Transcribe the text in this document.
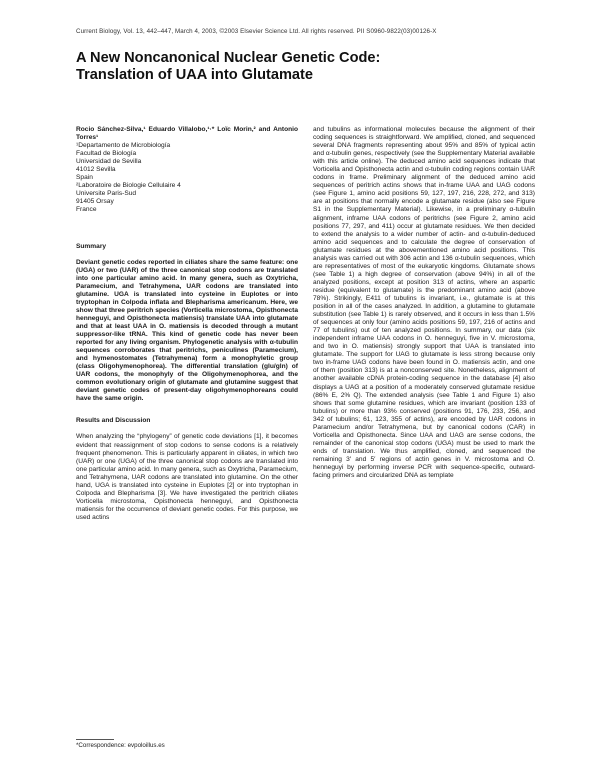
Current Biology, Vol. 13, 442–447, March 4, 2003, ©2003 Elsevier Science Ltd. All rights reserved. PII S0960-9822(03)00126-X
A New Noncanonical Nuclear Genetic Code:
Translation of UAA into Glutamate
Rocio Sánchez-Silva,¹ Eduardo Villalobo,¹·* Loïc Morin,² and Antonio Torres¹
¹Departamento de Microbiología
Facultad de Biología
Universidad de Sevilla
41012 Sevilla
Spain
²Laboratoire de Biologie Cellulaire 4
Universite Paris-Sud
91405 Orsay
France

Summary

Deviant genetic codes reported in ciliates share the same feature: one (UGA) or two (UAR) of the three canonical stop codons are translated into one particular amino acid. In many genera, such as Oxytricha, Paramecium, and Tetrahymena, UAR codons are translated into glutamine. UGA is translated into cysteine in Euplotes or into tryptophan in Colpoda inflata and Blepharisma americanum. Here, we show that three peritrich species (Vorticella microstoma, Opisthonecta henneguyi, and Opisthonecta matiensis) translate UAA into glutamate and that at least UAA in O. matiensis is decoded through a mutant suppressor-like tRNA. This kind of genetic code has never been reported for any living organism. Phylogenetic analysis with α-tubulin sequences corroborates that peritrichs, peniculines (Paramecium), and hymenostomates (Tetrahymena) form a monophyletic group (class Oligohymenophorea). The differential translation (glu/gln) of UAR codons, the monophyly of the Oligohymenophorea, and the common evolutionary origin of glutamate and glutamine suggest that deviant genetic codes of present-day oligohymenophoreans could have the same origin.

Results and Discussion

When analyzing the “phylogeny” of genetic code deviations [1], it becomes evident that reassignment of stop codons to sense codons is a relatively frequent phenomenon. This is particularly apparent in ciliates, in which two (UAR) or one (UGA) of the three canonical stop codons are translated into one particular amino acid. In many genera, such as Oxytricha, Paramecium, and Tetrahymena, UAR codons are translated into glutamine. On the other hand, UGA is translated into cysteine in Euplotes [2] or into tryptophan in Colpoda and Blepharisma [3]. We have investigated the peritrich ciliates Vorticella microstoma, Opisthonecta henneguyi, and Opisthonecta matiensis for the occurrence of deviant genetic codes. For this purpose, we used actins

and tubulins as informational molecules because the alignment of their coding sequences is straightforward. We amplified, cloned, and sequenced several DNA fragments representing about 95% and 85% of typical actin and α-tubulin genes, respectively (see the Supplementary Material available with this article online). The deduced amino acid sequences indicate that Vorticella and Opisthonecta actin and α-tubulin coding regions contain UAR codons in frame. Preliminary alignment of the deduced amino acid sequences of peritrich actins shows that in-frame UAA and UAG codons (see Figure 1, amino acid positions 59, 127, 197, 216, 228, 272, and 313) are at positions that normally encode a glutamate residue (also see Figure S1 in the Supplementary Material). Likewise, in a preliminary α-tubulin alignment, inframe UAA codons of peritrichs (see Figure 2, amino acid positions 77, 297, and 411) occur at glutamate residues. We then decided to extend the analysis to a wider number of actin- and α-tubulin-deduced amino acid sequences and to calculate the degree of conservation of glutamate residues at the abovementioned amino acid positions. This analysis was carried out with 306 actin and 136 α-tubulin sequences, which are representatives of most of the eukaryotic kingdoms. Glutamate shows (see Table 1) a high degree of conservation (above 94%) in all of the analyzed positions, except at position 313 of actins, where an aspartic residue (equivalent to glutamate) is the predominant amino acid (above 78%). Strikingly, E411 of tubulins is invariant, i.e., glutamate is at this position in all of the cases analyzed. In addition, a glutamine to glutamate substitution (see Table 1) is rarely observed, and it occurs in less than 1.5% of sequences at only four (amino acids positions 59, 197, 216 of actins and 77 of tubulins) out of ten analyzed positions. In summary, our data (six independent inframe UAA codons in O. henneguyi, five in V. microstoma, and two in O. matiensis) strongly support that UAA is translated into glutamate. The support for UAG to glutamate is less strong because only two in-frame UAG codons have been found in O. matiensis actin, and one of them (position 313) is at a nonconserved site. Nonetheless, alignment of another available cDNA protein-coding sequence in the database [4] also displays a UAG at a position of a moderately conserved glutamate residue (86% E, 2% Q). The extended analysis (see Table 1 and Figure 1) also shows that some glutamine residues, which are invariant (position 133 of tubulins) or more than 93% conserved (positions 91, 176, 233, 256, and 342 of tubulins; 61, 123, 355 of actins), are encoded by UAR codons in Paramecium and/or Tetrahymena, but by canonical codons (CAR) in Vorticella and Opisthonecta. Since UAA and UAG are sense codons, the remainder of the canonical stop codons (UGA) must be used to mark the ends of translation. We thus amplified, cloned, and sequenced the remaining 3′ and 5′ regions of actin genes in V. microstoma and O. henneguyi by performing inverse PCR with sequence-specific, outward-facing primers and circularized DNA as template

*Correspondence: evpoloillus.es
